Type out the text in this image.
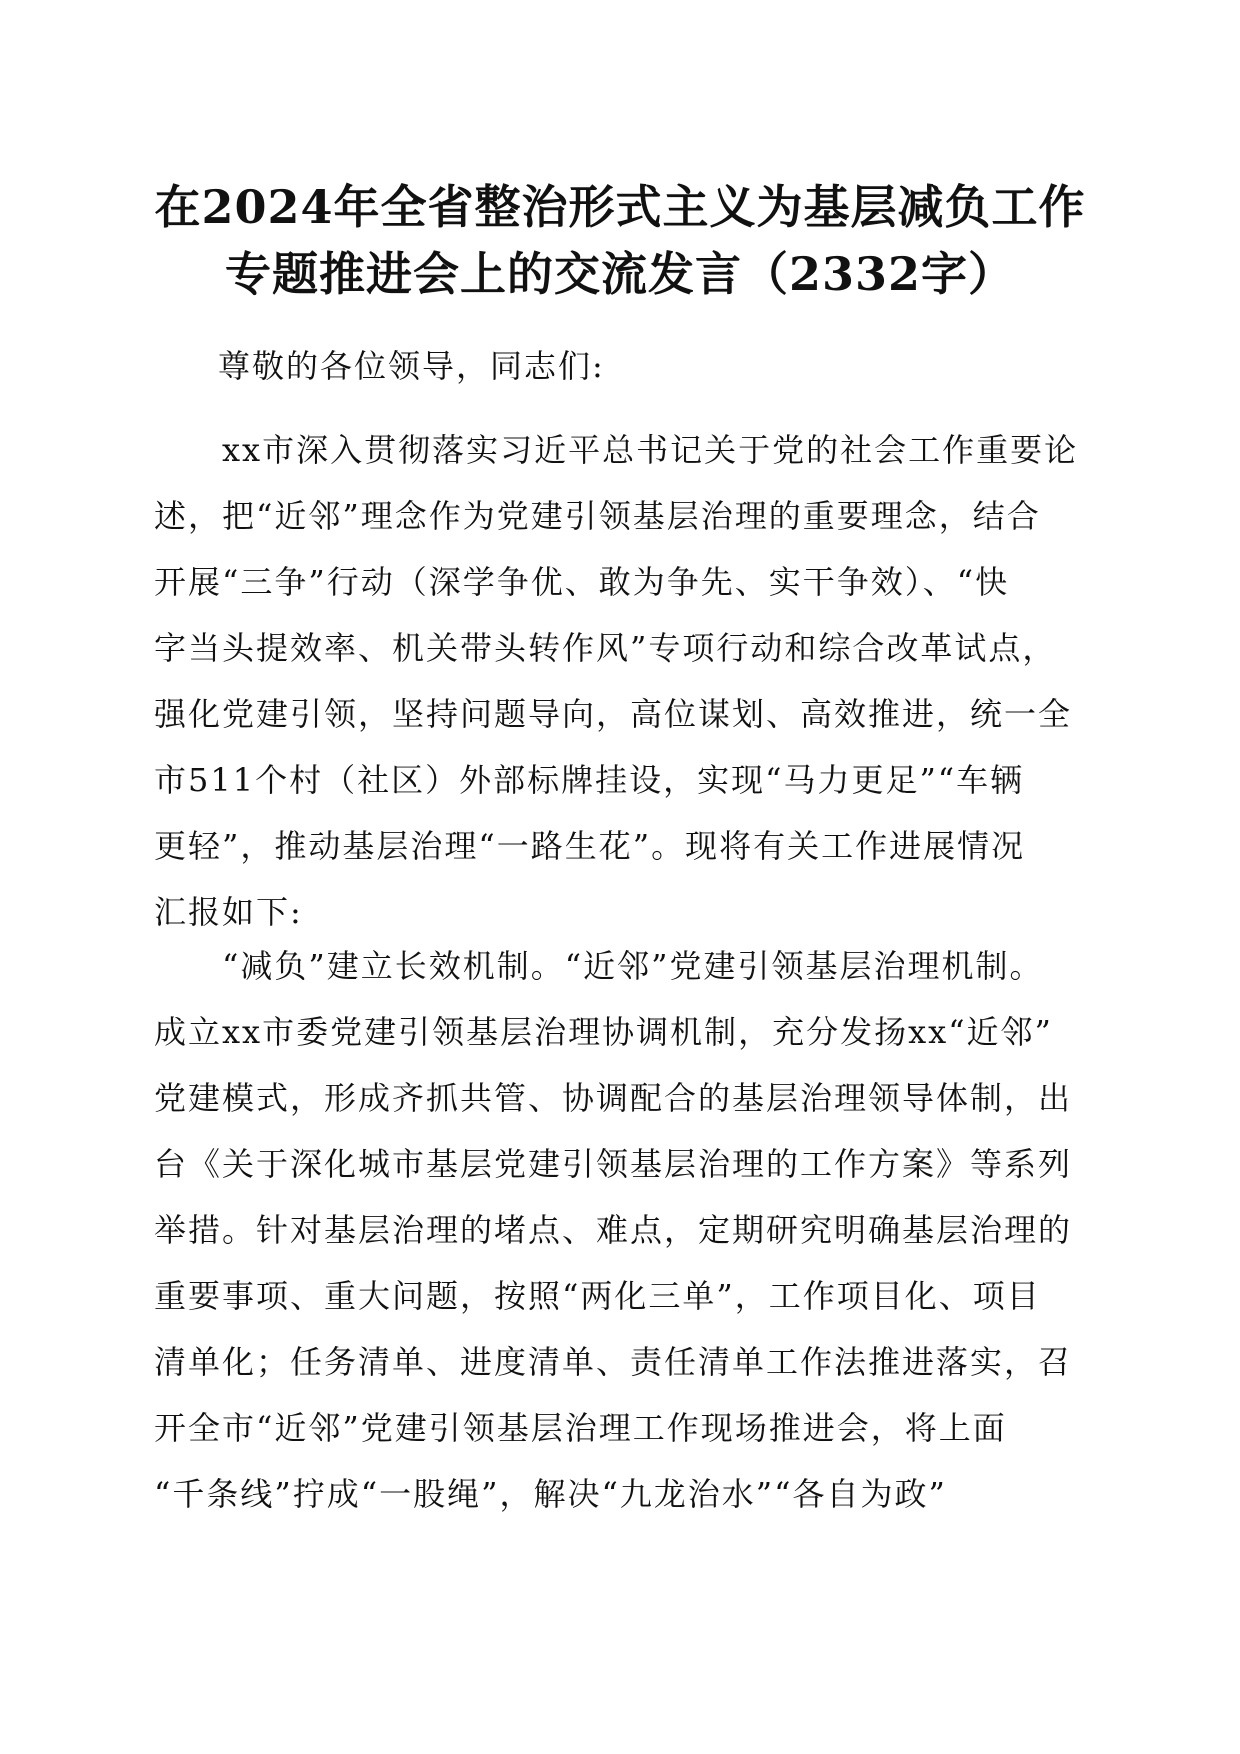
在2024年全省整治形式主义为基层减负工作
专题推进会上的交流发言（2332字）
尊敬的各位领导，同志们:
　　xx市深入贯彻落实习近平总书记关于党的社会工作重要论
述，把“近邻”理念作为党建引领基层治理的重要理念，结合
开展“三争”行动（深学争优、敢为争先、实干争效）、“快
字当头提效率、机关带头转作风”专项行动和综合改革试点，
强化党建引领，坚持问题导向，高位谋划、高效推进，统一全
市511个村（社区）外部标牌挂设，实现“马力更足”“车辆
更轻”，推动基层治理“一路生花”。现将有关工作进展情况
汇报如下:
　　“减负”建立长效机制。“近邻”党建引领基层治理机制。
成立xx市委党建引领基层治理协调机制，充分发扬xx“近邻”
党建模式，形成齐抓共管、协调配合的基层治理领导体制，出
台《关于深化城市基层党建引领基层治理的工作方案》等系列
举措。针对基层治理的堵点、难点，定期研究明确基层治理的
重要事项、重大问题，按照“两化三单”，工作项目化、项目
清单化；任务清单、进度清单、责任清单工作法推进落实，召
开全市“近邻”党建引领基层治理工作现场推进会，将上面
“千条线”拧成“一股绳”，解决“九龙治水”“各自为政”
